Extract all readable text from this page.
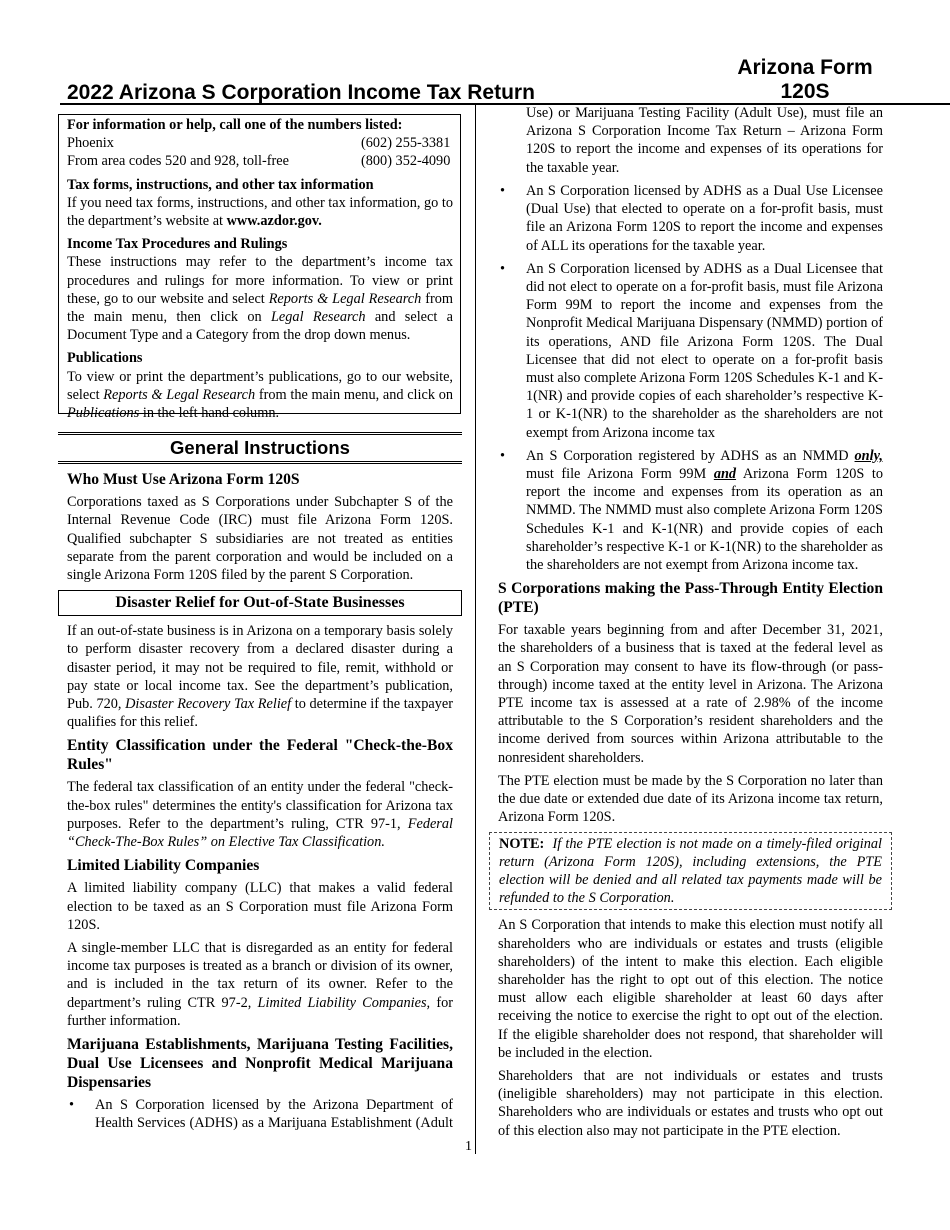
Arizona Form
120S
2022 Arizona S Corporation Income Tax Return
For information or help, call one of the numbers listed:
Phoenix	(602) 255-3381
From area codes 520 and 928, toll-free	(800) 352-4090
Tax forms, instructions, and other tax information

If you need tax forms, instructions, and other tax information, go to the department’s website at www.azdor.gov.

Income Tax Procedures and Rulings

These instructions may refer to the department’s income tax procedures and rulings for more information. To view or print these, go to our website and select Reports & Legal Research from the main menu, then click on Legal Research and select a Document Type and a Category from the drop down menus.

Publications

To view or print the department’s publications, go to our website, select Reports & Legal Research from the main menu, and click on Publications in the left hand column.

General Instructions
Who Must Use Arizona Form 120S

Corporations taxed as S Corporations under Subchapter S of the Internal Revenue Code (IRC) must file Arizona Form 120S. Qualified subchapter S subsidiaries are not treated as entities separate from the parent corporation and would be included on a single Arizona Form 120S filed by the parent S Corporation.

Disaster Relief for Out-of-State Businesses

If an out-of-state business is in Arizona on a temporary basis solely to perform disaster recovery from a declared disaster during a disaster period, it may not be required to file, remit, withhold or pay state or local income tax. See the department’s publication, Pub. 720, Disaster Recovery Tax Relief to determine if the taxpayer qualifies for this relief.

Entity Classification under the Federal "Check-the-Box Rules"

The federal tax classification of an entity under the federal "check-the-box rules" determines the entity's classification for Arizona tax purposes. Refer to the department’s ruling, CTR 97-1, Federal “Check-The-Box Rules” on Elective Tax Classification.

Limited Liability Companies

A limited liability company (LLC) that makes a valid federal election to be taxed as an S Corporation must file Arizona Form 120S.

A single-member LLC that is disregarded as an entity for federal income tax purposes is treated as a branch or division of its owner, and is included in the tax return of its owner. Refer to the department’s ruling CTR 97-2, Limited Liability Companies, for further information.

Marijuana Establishments, Marijuana Testing Facilities, Dual Use Licensees and Nonprofit Medical Marijuana Dispensaries
• An S Corporation licensed by the Arizona Department of Health Services (ADHS) as a Marijuana Establishment (Adult
Use) or Marijuana Testing Facility (Adult Use), must file an Arizona S Corporation Income Tax Return – Arizona Form 120S to report the income and expenses of its operations for the taxable year.
• An S Corporation licensed by ADHS as a Dual Use Licensee (Dual Use) that elected to operate on a for-profit basis, must file an Arizona Form 120S to report the income and expenses of ALL its operations for the taxable year.
• An S Corporation licensed by ADHS as a Dual Licensee that did not elect to operate on a for-profit basis, must file Arizona Form 99M to report the income and expenses from the Nonprofit Medical Marijuana Dispensary (NMMD) portion of its operations, AND file Arizona Form 120S. The Dual Licensee that did not elect to operate on a for-profit basis must also complete Arizona Form 120S Schedules K-1 and K-1(NR) and provide copies of each shareholder’s respective K-1 or K-1(NR) to the shareholder as the shareholders are not exempt from Arizona income tax
• An S Corporation registered by ADHS as an NMMD only, must file Arizona Form 99M and Arizona Form 120S to report the income and expenses from its operation as an NMMD. The NMMD must also complete Arizona Form 120S Schedules K-1 and K-1(NR) and provide copies of each shareholder’s respective K-1 or K-1(NR) to the shareholder as the shareholders are not exempt from Arizona income tax.
S Corporations making the Pass-Through Entity Election (PTE)

For taxable years beginning from and after December 31, 2021, the shareholders of a business that is taxed at the federal level as an S Corporation may consent to have its flow-through (or pass-through) income taxed at the entity level in Arizona. The Arizona PTE income tax is assessed at a rate of 2.98% of the income attributable to the S Corporation’s resident shareholders and the income derived from sources within Arizona attributable to the nonresident shareholders.

The PTE election must be made by the S Corporation no later than the due date or extended due date of its Arizona income tax return, Arizona Form 120S.

NOTE: If the PTE election is not made on a timely-filed original return (Arizona Form 120S), including extensions, the PTE election will be denied and all related tax payments made will be refunded to the S Corporation.

An S Corporation that intends to make this election must notify all shareholders who are individuals or estates and trusts (eligible shareholders) of the intent to make this election. Each eligible shareholder has the right to opt out of this election. The notice must allow each eligible shareholder at least 60 days after receiving the notice to exercise the right to opt out of the election. If the eligible shareholder does not respond, that shareholder will be included in the election.

Shareholders that are not individuals or estates and trusts (ineligible shareholders) may not participate in this election. Shareholders who are individuals or estates and trusts who opt out of this election also may not participate in the PTE election.

1
